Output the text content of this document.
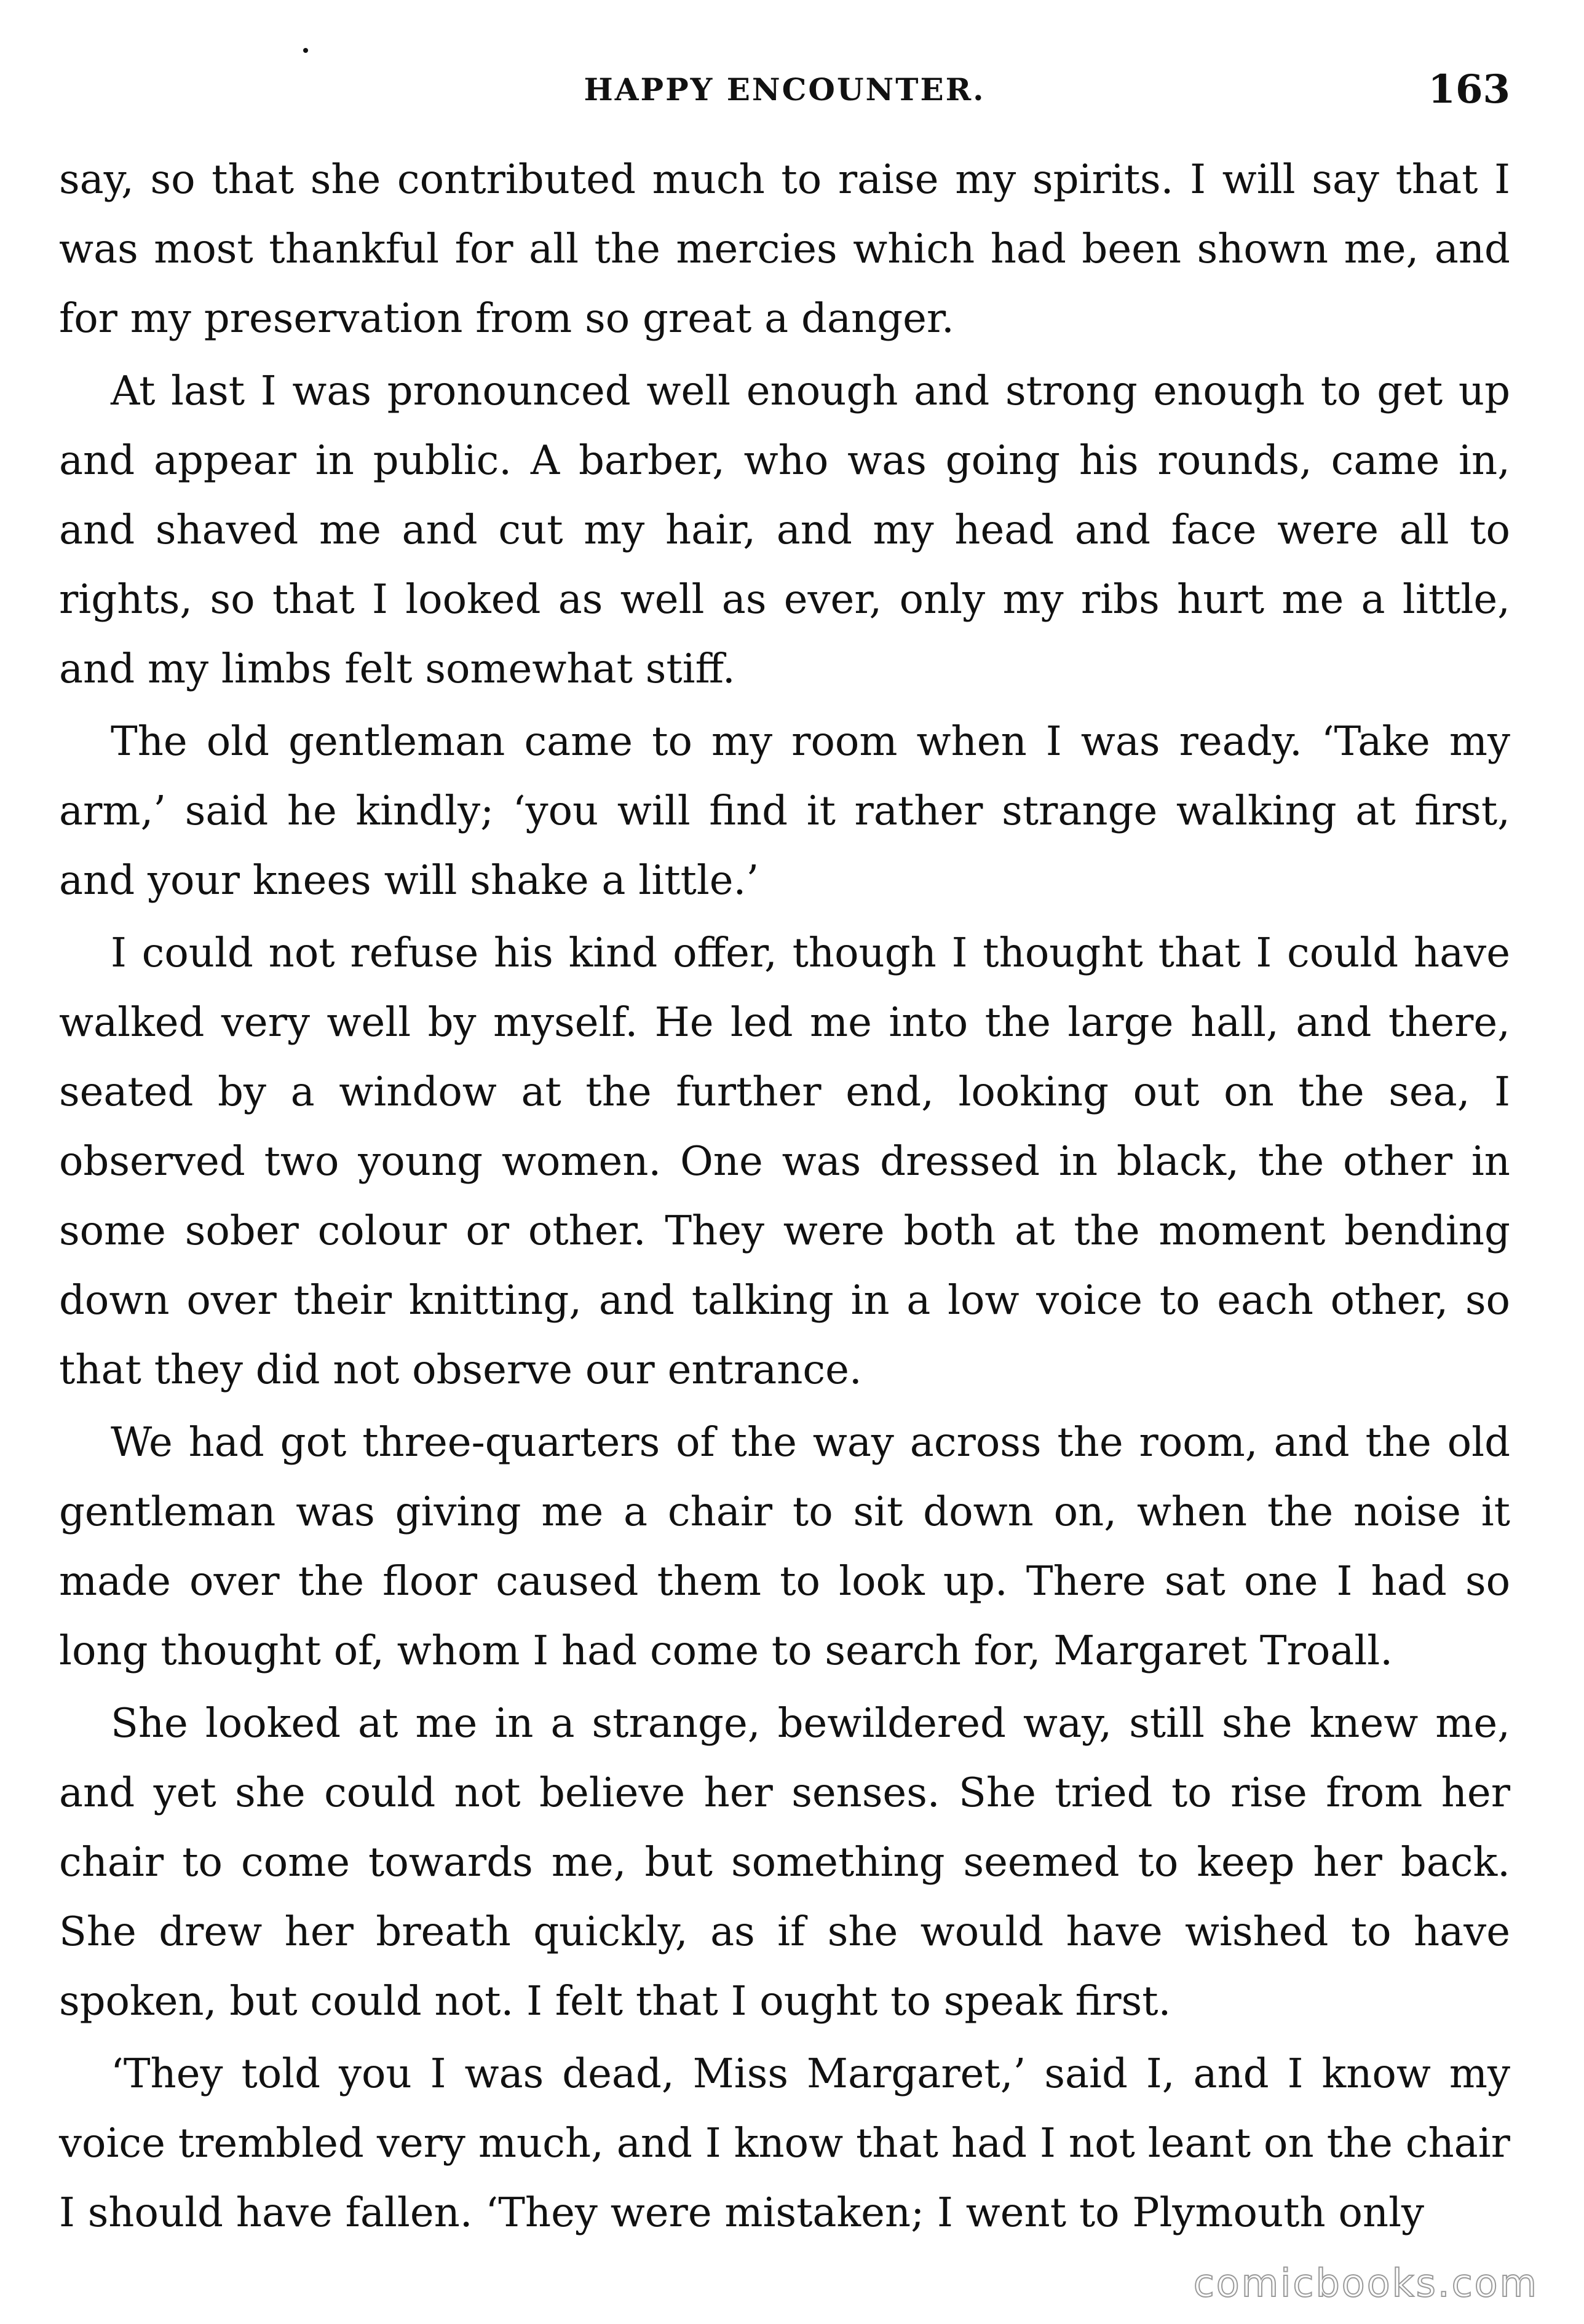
HAPPY ENCOUNTER.	163

say, so that she contributed much to raise my spirits. I will say that I was most thankful for all the mercies which had been shown me, and for my preservation from so great a danger.

At last I was pronounced well enough and strong enough to get up and appear in public. A barber, who was going his rounds, came in, and shaved me and cut my hair, and my head and face were all to rights, so that I looked as well as ever, only my ribs hurt me a little, and my limbs felt somewhat stiff.

The old gentleman came to my room when I was ready. ‘Take my arm,’ said he kindly; ‘you will find it rather strange walking at first, and your knees will shake a little.’

I could not refuse his kind offer, though I thought that I could have walked very well by myself. He led me into the large hall, and there, seated by a window at the further end, looking out on the sea, I observed two young women. One was dressed in black, the other in some sober colour or other. They were both at the moment bending down over their knitting, and talking in a low voice to each other, so that they did not observe our entrance.

We had got three-quarters of the way across the room, and the old gentleman was giving me a chair to sit down on, when the noise it made over the floor caused them to look up. There sat one I had so long thought of, whom I had come to search for, Margaret Troall.

She looked at me in a strange, bewildered way, still she knew me, and yet she could not believe her senses. She tried to rise from her chair to come towards me, but something seemed to keep her back. She drew her breath quickly, as if she would have wished to have spoken, but could not. I felt that I ought to speak first.

‘They told you I was dead, Miss Margaret,’ said I, and I know my voice trembled very much, and I know that had I not leant on the chair I should have fallen. ‘They were mistaken; I went to Plymouth only

comicbooks.com
